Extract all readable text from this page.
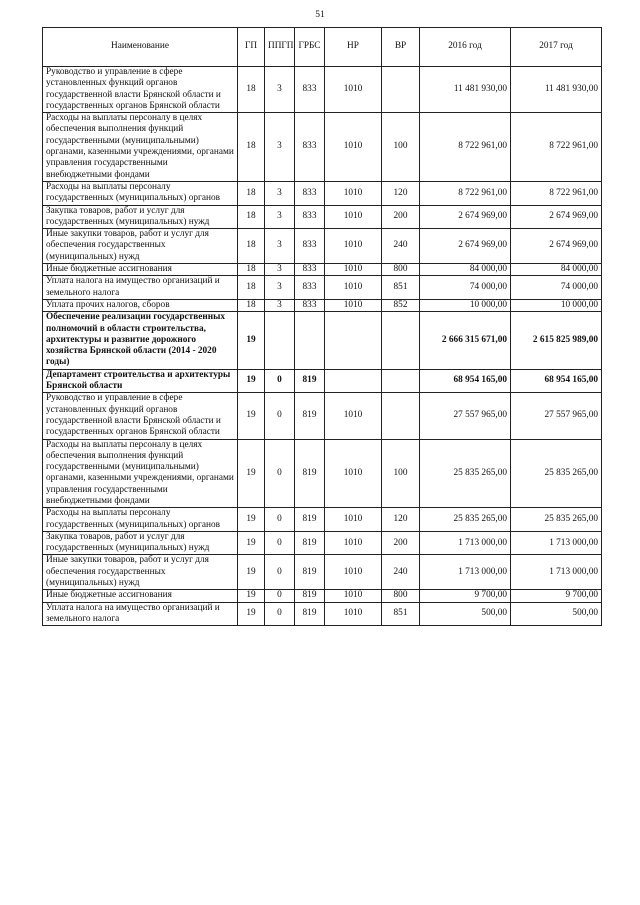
51
Наименование	ГП	ППГП	ГРБС	НР	ВР	2016 год	2017 год
Руководство и управление в сфере установленных функций органов государственной власти Брянской области и государственных органов Брянской области	18	3	833	1010		11 481 930,00	11 481 930,00
Расходы на выплаты персоналу в целях обеспечения выполнения функций государственными (муниципальными) органами, казенными учреждениями, органами управления государственными внебюджетными фондами	18	3	833	1010	100	8 722 961,00	8 722 961,00
Расходы на выплаты персоналу государственных (муниципальных) органов	18	3	833	1010	120	8 722 961,00	8 722 961,00
Закупка товаров, работ и услуг для государственных (муниципальных) нужд	18	3	833	1010	200	2 674 969,00	2 674 969,00
Иные закупки товаров, работ и услуг для обеспечения государственных (муниципальных) нужд	18	3	833	1010	240	2 674 969,00	2 674 969,00
Иные бюджетные ассигнования	18	3	833	1010	800	84 000,00	84 000,00
Уплата налога на имущество организаций и земельного налога	18	3	833	1010	851	74 000,00	74 000,00
Уплата прочих налогов, сборов	18	3	833	1010	852	10 000,00	10 000,00
Обеспечение реализации государственных полномочий в области строительства, архитектуры и развитие дорожного хозяйства Брянской области (2014 - 2020 годы)	19					2 666 315 671,00	2 615 825 989,00
Департамент строительства и архитектуры Брянской области	19	0	819			68 954 165,00	68 954 165,00
Руководство и управление в сфере установленных функций органов государственной власти Брянской области и государственных органов Брянской области	19	0	819	1010		27 557 965,00	27 557 965,00
Расходы на выплаты персоналу в целях обеспечения выполнения функций государственными (муниципальными) органами, казенными учреждениями, органами управления государственными внебюджетными фондами	19	0	819	1010	100	25 835 265,00	25 835 265,00
Расходы на выплаты персоналу государственных (муниципальных) органов	19	0	819	1010	120	25 835 265,00	25 835 265,00
Закупка товаров, работ и услуг для государственных (муниципальных) нужд	19	0	819	1010	200	1 713 000,00	1 713 000,00
Иные закупки товаров, работ и услуг для обеспечения государственных (муниципальных) нужд	19	0	819	1010	240	1 713 000,00	1 713 000,00
Иные бюджетные ассигнования	19	0	819	1010	800	9 700,00	9 700,00
Уплата налога на имущество организаций и земельного налога	19	0	819	1010	851	500,00	500,00
